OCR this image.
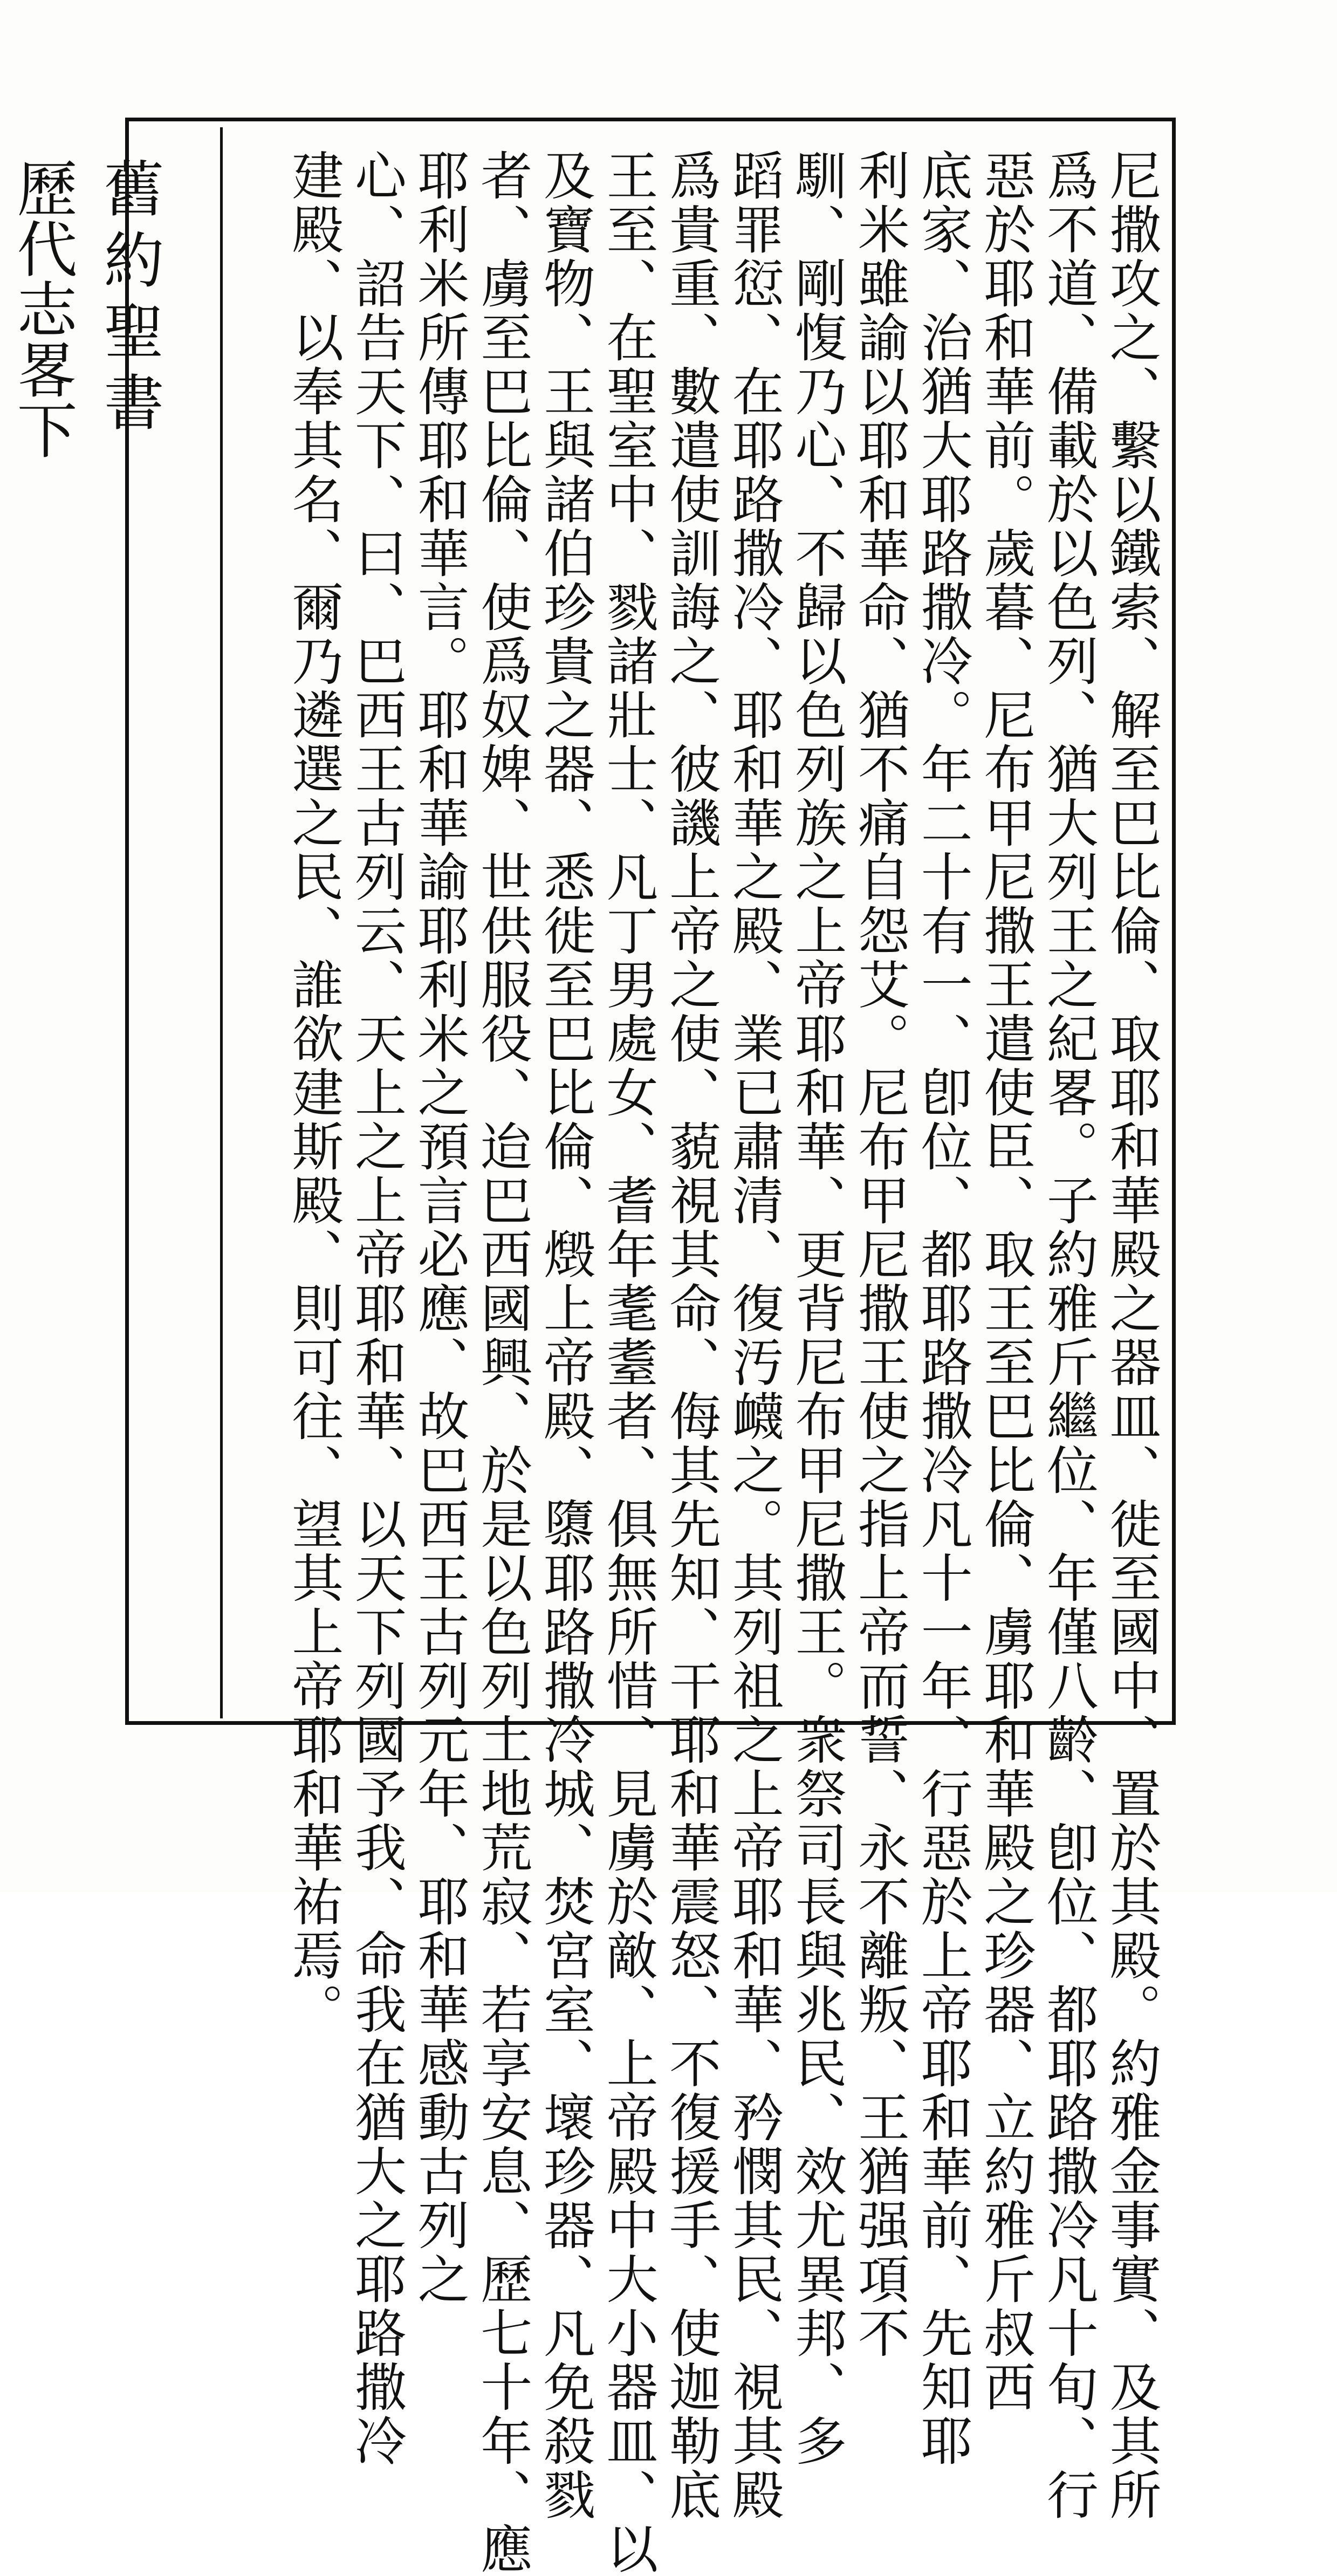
舊約聖書
歷代志畧下	尼撒攻之、繫以鐵索、解至巴比倫、取耶和華殿之器皿、徙至國中、置於其殿。約雅金事實、及其所
爲不道、備載於以色列、猶大列王之紀畧。子約雅斤繼位、年僅八齡、卽位、都耶路撒冷凡十旬、行
惡於耶和華前。歲暮、尼布甲尼撒王遣使臣、取王至巴比倫、虜耶和華殿之珍器、立約雅斤叔西
底家、治猶大耶路撒冷。年二十有一、卽位、都耶路撒冷凡十一年、行惡於上帝耶和華前、先知耶
利米雖諭以耶和華命、猶不痛自怨艾。尼布甲尼撒王使之指上帝而誓、永不離叛、王猶强項不
馴、剛愎乃心、不歸以色列族之上帝耶和華、更背尼布甲尼撒王。衆祭司長與兆民、效尤異邦、多
蹈罪愆、在耶路撒冷、耶和華之殿、業已肅清、復汚衊之。其列祖之上帝耶和華、矜憫其民、視其殿
爲貴重、數遣使訓誨之、彼譏上帝之使、藐視其命、侮其先知、干耶和華震怒、不復援手、使迦勒底
王至、在聖室中、戮諸壯士、凡丁男處女、耆年耄耋者、俱無所惜、見虜於敵、上帝殿中大小器皿、以
及寶物、王與諸伯珍貴之器、悉徙至巴比倫、燬上帝殿、隳耶路撒冷城、焚宮室、壞珍器、凡免殺戮
者、虜至巴比倫、使爲奴婢、世供服役、迨巴西國興、於是以色列土地荒寂、若享安息、歷七十年、應
耶利米所傳耶和華言。耶和華諭耶利米之預言必應、故巴西王古列元年、耶和華感動古列之
心、詔告天下、曰、巴西王古列云、天上之上帝耶和華、以天下列國予我、命我在猶大之耶路撒冷
建殿、以奉其名、爾乃遴選之民、誰欲建斯殿、則可往、望其上帝耶和華祐焉。
